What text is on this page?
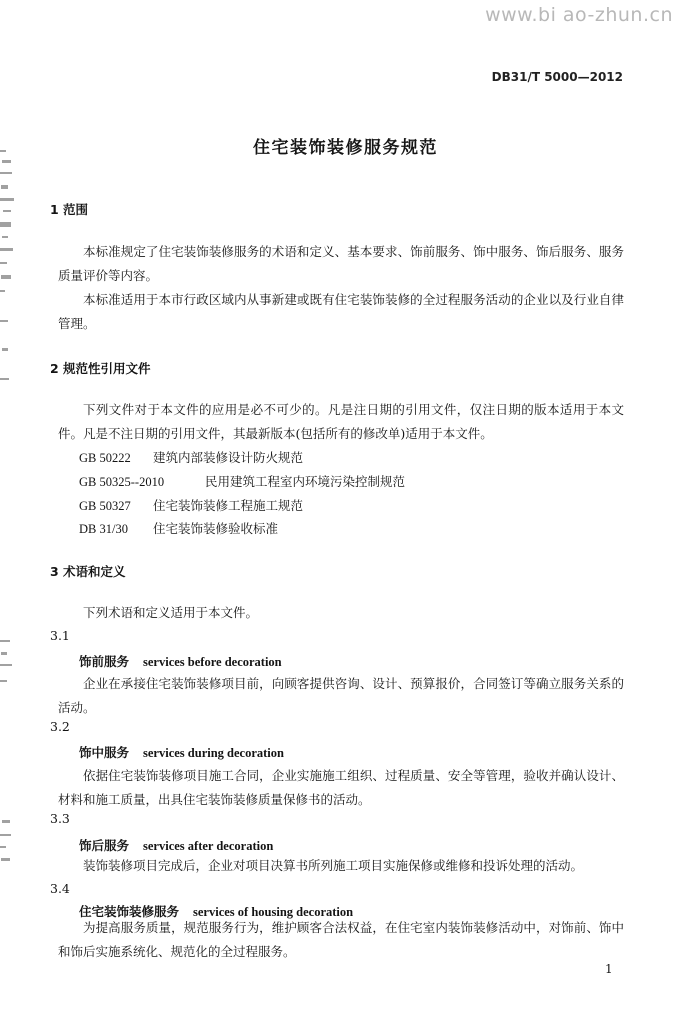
www.bi ao-zhun.cn
DB31/T 5000—2012
住宅装饰装修服务规范
1 范围
本标准规定了住宅装饰装修服务的术语和定义、基本要求、饰前服务、饰中服务、饰后服务、服务质量评价等内容。
本标准适用于本市行政区域内从事新建或既有住宅装饰装修的全过程服务活动的企业以及行业自律管理。
2 规范性引用文件
下列文件对于本文件的应用是必不可少的。凡是注日期的引用文件，仅注日期的版本适用于本文件。凡是不注日期的引用文件，其最新版本(包括所有的修改单)适用于本文件。
GB 50222 建筑内部装修设计防火规范
GB 50325--2010	民用建筑工程室内环境污染控制规范
GB 50327 住宅装饰装修工程施工规范
DB 31/30 住宅装饰装修验收标准
3 术语和定义
下列术语和定义适用于本文件。
3.1
饰前服务 services before decoration
企业在承接住宅装饰装修项目前，向顾客提供咨询、设计、预算报价，合同签订等确立服务关系的活动。
3.2
饰中服务 services during decoration
依据住宅装饰装修项目施工合同，企业实施施工组织、过程质量、安全等管理，验收并确认设计、材料和施工质量，出具住宅装饰装修质量保修书的活动。
3.3
饰后服务 services after decoration
装饰装修项目完成后，企业对项目决算书所列施工项目实施保修或维修和投诉处理的活动。
3.4
住宅装饰装修服务 services of housing decoration
为提高服务质量，规范服务行为，维护顾客合法权益，在住宅室内装饰装修活动中，对饰前、饰中和饰后实施系统化、规范化的全过程服务。
1
